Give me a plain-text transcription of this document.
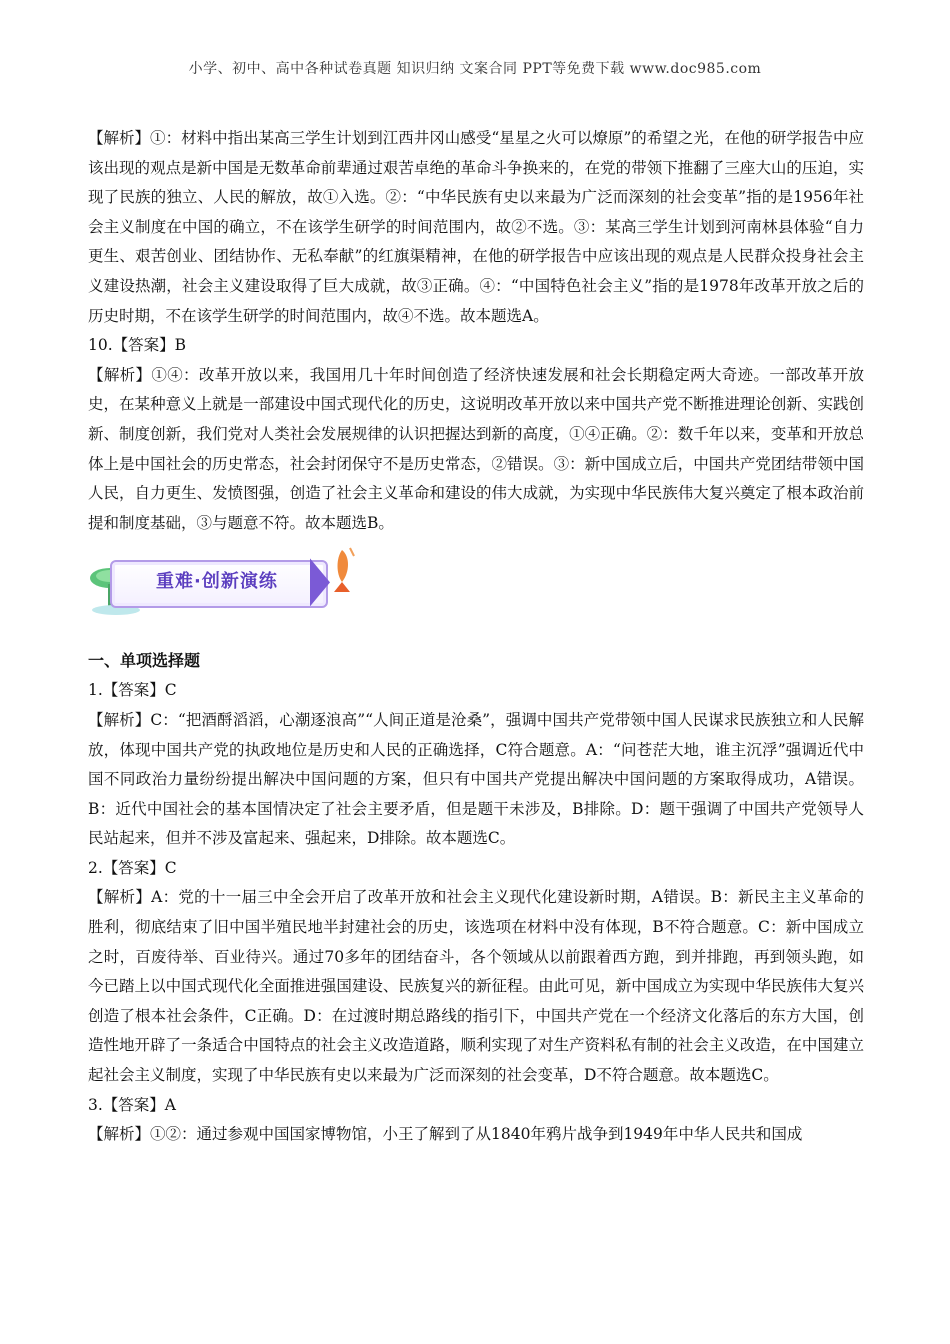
小学、初中、高中各种试卷真题 知识归纳 文案合同 PPT等免费下载 www.doc985.com

【解析】①：材料中指出某高三学生计划到江西井冈山感受“星星之火可以燎原”的希望之光，在他的研学报告中应该出现的观点是新中国是无数革命前辈通过艰苦卓绝的革命斗争换来的，在党的带领下推翻了三座大山的压迫，实现了民族的独立、人民的解放，故①入选。②：“中华民族有史以来最为广泛而深刻的社会变革”指的是1956年社会主义制度在中国的确立，不在该学生研学的时间范围内，故②不选。③：某高三学生计划到河南林县体验“自力更生、艰苦创业、团结协作、无私奉献”的红旗渠精神，在他的研学报告中应该出现的观点是人民群众投身社会主义建设热潮，社会主义建设取得了巨大成就，故③正确。④：“中国特色社会主义”指的是1978年改革开放之后的历史时期，不在该学生研学的时间范围内，故④不选。故本题选A。

10.【答案】B

【解析】①④：改革开放以来，我国用几十年时间创造了经济快速发展和社会长期稳定两大奇迹。一部改革开放史，在某种意义上就是一部建设中国式现代化的历史，这说明改革开放以来中国共产党不断推进理论创新、实践创新、制度创新，我们党对人类社会发展规律的认识把握达到新的高度，①④正确。②：数千年以来，变革和开放总体上是中国社会的历史常态，社会封闭保守不是历史常态，②错误。③：新中国成立后，中国共产党团结带领中国人民，自力更生、发愤图强，创造了社会主义革命和建设的伟大成就，为实现中华民族伟大复兴奠定了根本政治前提和制度基础，③与题意不符。故本题选B。

重难·创新演练

一、单项选择题

1.【答案】C

【解析】C：“把酒酹滔滔，心潮逐浪高”“人间正道是沧桑”，强调中国共产党带领中国人民谋求民族独立和人民解放，体现中国共产党的执政地位是历史和人民的正确选择，C符合题意。A：“问苍茫大地，谁主沉浮”强调近代中国不同政治力量纷纷提出解决中国问题的方案，但只有中国共产党提出解决中国问题的方案取得成功，A错误。B：近代中国社会的基本国情决定了社会主要矛盾，但是题干未涉及，B排除。D：题干强调了中国共产党领导人民站起来，但并不涉及富起来、强起来，D排除。故本题选C。

2.【答案】C

【解析】A：党的十一届三中全会开启了改革开放和社会主义现代化建设新时期，A错误。B：新民主主义革命的胜利，彻底结束了旧中国半殖民地半封建社会的历史，该选项在材料中没有体现，B不符合题意。C：新中国成立之时，百废待举、百业待兴。通过70多年的团结奋斗，各个领域从以前跟着西方跑，到并排跑，再到领头跑，如今已踏上以中国式现代化全面推进强国建设、民族复兴的新征程。由此可见，新中国成立为实现中华民族伟大复兴创造了根本社会条件，C正确。D：在过渡时期总路线的指引下，中国共产党在一个经济文化落后的东方大国，创造性地开辟了一条适合中国特点的社会主义改造道路，顺利实现了对生产资料私有制的社会主义改造，在中国建立起社会主义制度，实现了中华民族有史以来最为广泛而深刻的社会变革，D不符合题意。故本题选C。

3.【答案】A

【解析】①②：通过参观中国国家博物馆，小王了解到了从1840年鸦片战争到1949年中华人民共和国成
